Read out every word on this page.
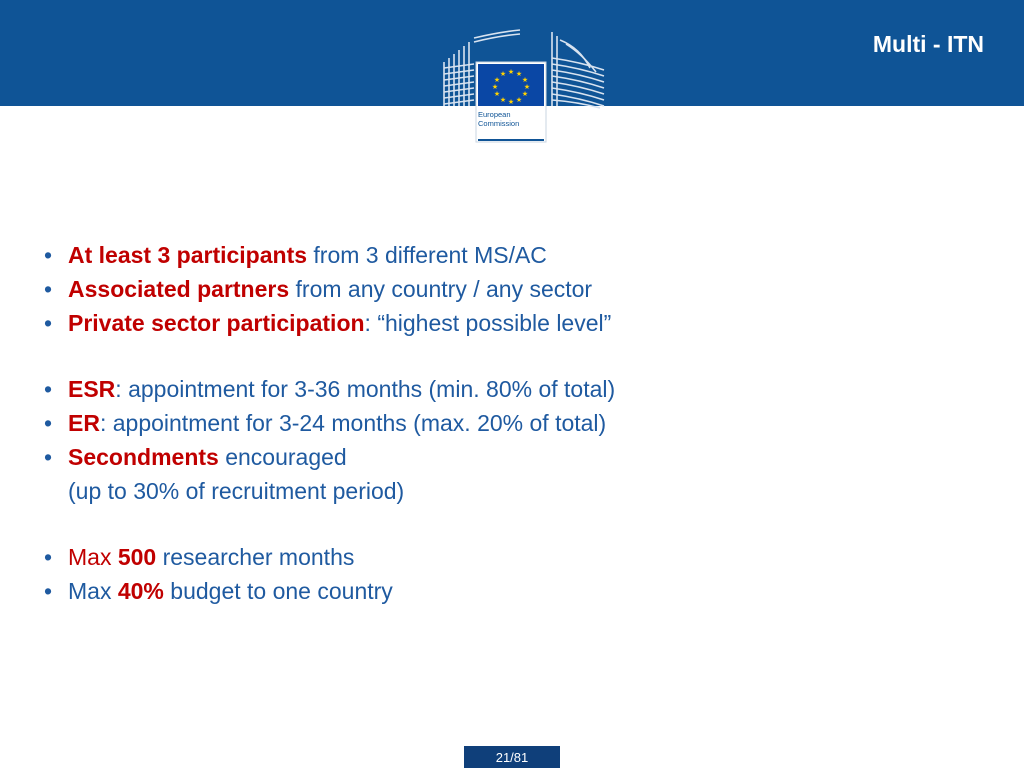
Multi - ITN
★ ★
★
★
★
★
★
★
★
★
★
★
European Commission
• At least 3 participants from 3 different MS/AC
• Associated partners from any country / any sector
• Private sector participation: “highest possible level”
• ESR: appointment for 3-36 months (min. 80% of total)
• ER: appointment for 3-24 months (max. 20% of total)
• Secondments encouraged
(up to 30% of recruitment period)
• Max 500 researcher months
• Max 40% budget to one country
21/81
